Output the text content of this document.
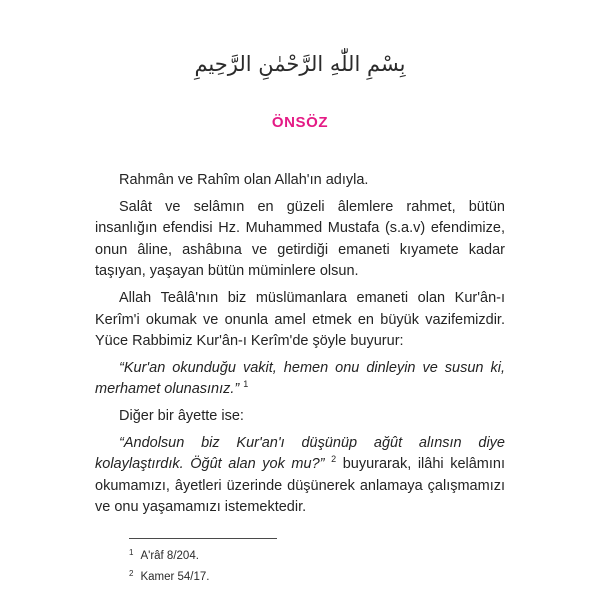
بِسْمِ اللّٰهِ الرَّحْمٰنِ الرَّحِيمِ
ÖNSÖZ

Rahmân ve Rahîm olan Allah'ın adıyla.

Salât ve selâmın en güzeli âlemlere rahmet, bütün insanlığın efendisi Hz. Muhammed Mustafa (s.a.v) efendimize, onun âline, ashâbına ve getirdiği emaneti kıyamete kadar taşıyan, yaşayan bütün müminlere olsun.

Allah Teâlâ'nın biz müslümanlara emaneti olan Kur'ân-ı Kerîm'i okumak ve onunla amel etmek en büyük vazifemizdir. Yüce Rabbimiz Kur'ân-ı Kerîm'de şöyle buyurur:

“Kur'an okunduğu vakit, hemen onu dinleyin ve susun ki, merhamet olunasınız.” $^1$

Diğer bir âyette ise:

“Andolsun biz Kur'an'ı düşünüp ağût alınsın diye kolaylaştırdık. Öğût alan yok mu?” $^2$ buyurarak, ilâhi kelâmını okumamızı, âyetleri üzerinde düşünerek anlamaya çalışmamızı ve onu yaşamamızı istemektedir.

$^1$ A'râf 8/204.
$^2$ Kamer 54/17.
